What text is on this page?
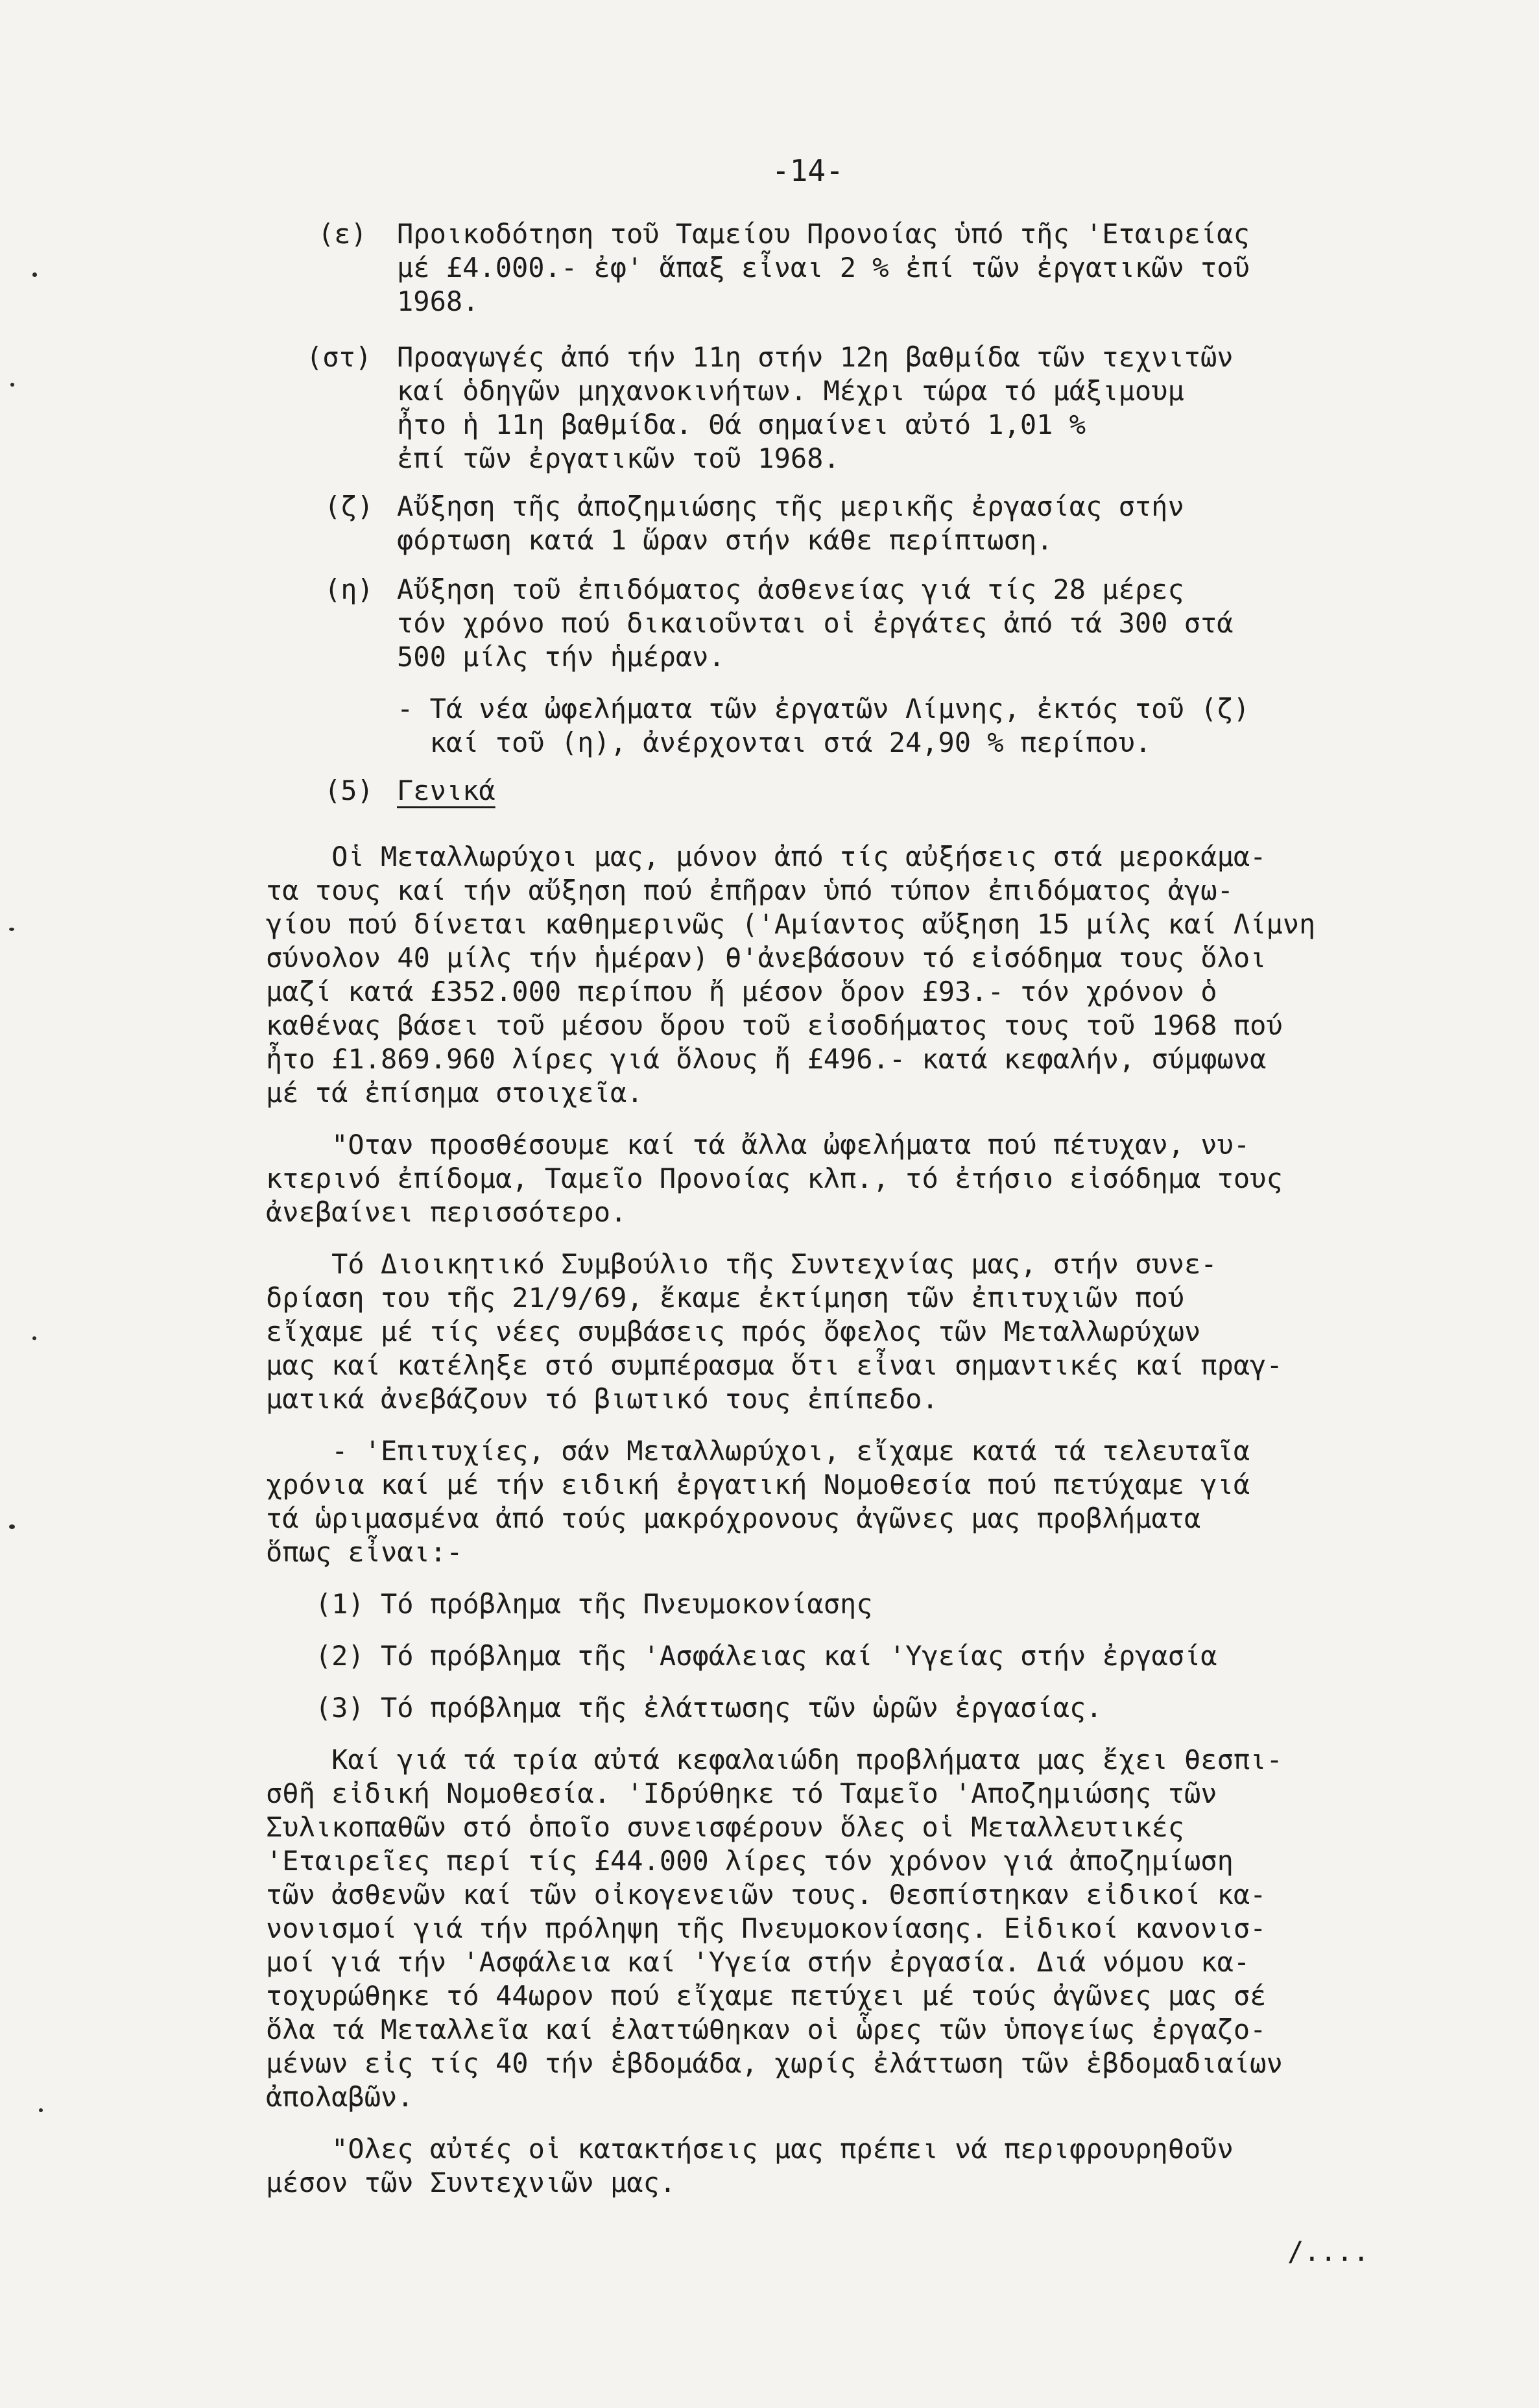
-14-
(ε) Προικοδότηση τοῦ Ταμείου Προνοίας ὑπό τῆς 'Εταιρείας
μέ £4.000.- ἐφ' ἅπαξ εἶναι 2 % ἐπί τῶν ἐργατικῶν τοῦ
1968.
(στ) Προαγωγές ἀπό τήν 11η στήν 12η βαθμίδα τῶν τεχνιτῶν
καί ὁδηγῶν μηχανοκινήτων. Μέχρι τώρα τό μάξιμουμ
ἦτο ἡ 11η βαθμίδα. Θά σημαίνει αὐτό 1,01 %
ἐπί τῶν ἐργατικῶν τοῦ 1968.
(ζ) Αὔξηση τῆς ἀποζημιώσης τῆς μερικῆς ἐργασίας στήν
φόρτωση κατά 1 ὥραν στήν κάθε περίπτωση.
(η) Αὔξηση τοῦ ἐπιδόματος ἀσθενείας γιά τίς 28 μέρες
τόν χρόνο πού δικαιοῦνται οἱ ἐργάτες ἀπό τά 300 στά
500 μίλς τήν ἡμέραν.
- Τά νέα ὠφελήματα τῶν ἐργατῶν Λίμνης, ἐκτός τοῦ (ζ)
καί τοῦ (η), ἀνέρχονται στά 24,90 % περίπου.
(5) Γενικά
Οἱ Μεταλλωρύχοι μας, μόνον ἀπό τίς αὐξήσεις στά μεροκάμα-
τα τους καί τήν αὔξηση πού ἐπῆραν ὑπό τύπον ἐπιδόματος ἀγω-
γίου πού δίνεται καθημερινῶς ('Αμίαντος αὔξηση 15 μίλς καί Λίμνη
σύνολον 40 μίλς τήν ἡμέραν) θ'ἀνεβάσουν τό εἰσόδημα τους ὅλοι
μαζί κατά £352.000 περίπου ἤ μέσον ὅρον £93.- τόν χρόνον ὁ
καθένας βάσει τοῦ μέσου ὅρου τοῦ εἰσοδήματος τους τοῦ 1968 πού
ἦτο £1.869.960 λίρες γιά ὅλους ἤ £496.- κατά κεφαλήν, σύμφωνα
μέ τά ἐπίσημα στοιχεῖα.
"Οταν προσθέσουμε καί τά ἄλλα ὠφελήματα πού πέτυχαν, νυ-
κτερινό ἐπίδομα, Ταμεῖο Προνοίας κλπ., τό ἐτήσιο εἰσόδημα τους
ἀνεβαίνει περισσότερο.
Τό Διοικητικό Συμβούλιο τῆς Συντεχνίας μας, στήν συνε-
δρίαση του τῆς 21/9/69, ἔκαμε ἐκτίμηση τῶν ἐπιτυχιῶν πού
εἴχαμε μέ τίς νέες συμβάσεις πρός ὄφελος τῶν Μεταλλωρύχων
μας καί κατέληξε στό συμπέρασμα ὅτι εἶναι σημαντικές καί πραγ-
ματικά ἀνεβάζουν τό βιωτικό τους ἐπίπεδο.
- 'Επιτυχίες, σάν Μεταλλωρύχοι, εἴχαμε κατά τά τελευταῖα
χρόνια καί μέ τήν ειδική ἐργατική Νομοθεσία πού πετύχαμε γιά
τά ὡριμασμένα ἀπό τούς μακρόχρονους ἀγῶνες μας προβλήματα
ὅπως εἶναι:-
(1) Τό πρόβλημα τῆς Πνευμοκονίασης
(2) Τό πρόβλημα τῆς 'Ασφάλειας καί 'Υγείας στήν ἐργασία
(3) Τό πρόβλημα τῆς ἐλάττωσης τῶν ὡρῶν ἐργασίας.
Καί γιά τά τρία αὐτά κεφαλαιώδη προβλήματα μας ἔχει θεσπι-
σθῆ εἰδική Νομοθεσία. 'Ιδρύθηκε τό Ταμεῖο 'Αποζημιώσης τῶν
Συλικοπαθῶν στό ὁποῖο συνεισφέρουν ὅλες οἱ Μεταλλευτικές
'Εταιρεῖες περί τίς £44.000 λίρες τόν χρόνον γιά ἀποζημίωση
τῶν ἀσθενῶν καί τῶν οἰκογενειῶν τους. Θεσπίστηκαν εἰδικοί κα-
νονισμοί γιά τήν πρόληψη τῆς Πνευμοκονίασης. Εἰδικοί κανονισ-
μοί γιά τήν 'Ασφάλεια καί 'Υγεία στήν ἐργασία. Διά νόμου κα-
τοχυρώθηκε τό 44ωρον πού εἴχαμε πετύχει μέ τούς ἀγῶνες μας σέ
ὅλα τά Μεταλλεῖα καί ἐλαττώθηκαν οἱ ὧρες τῶν ὑπογείως ἐργαζο-
μένων εἰς τίς 40 τήν ἑβδομάδα, χωρίς ἐλάττωση τῶν ἑβδομαδιαίων
ἀπολαβῶν.
"Ολες αὐτές οἱ κατακτήσεις μας πρέπει νά περιφρουρηθοῦν
μέσον τῶν Συντεχνιῶν μας.
/....
